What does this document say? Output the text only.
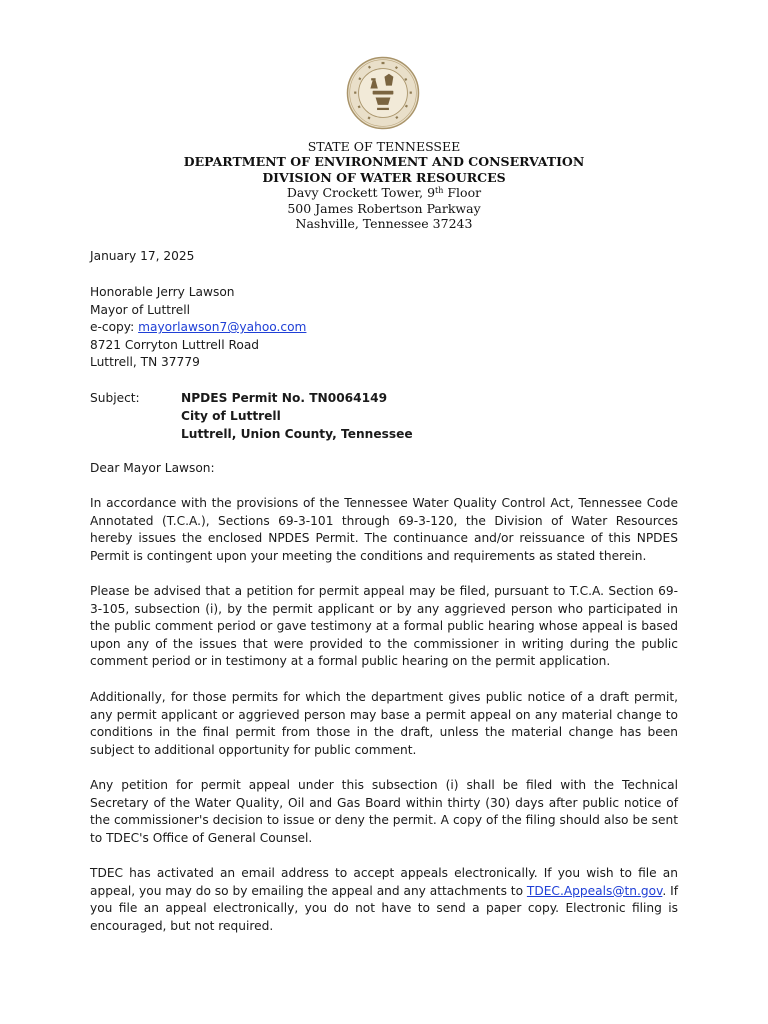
STATE OF TENNESSEE
DEPARTMENT OF ENVIRONMENT AND CONSERVATION
DIVISION OF WATER RESOURCES
Davy Crockett Tower, 9th Floor
500 James Robertson Parkway
Nashville, Tennessee 37243
January 17, 2025
Honorable Jerry Lawson
Mayor of Luttrell
e-copy: mayorlawson7@yahoo.com
8721 Corryton Luttrell Road
Luttrell, TN 37779
Subject:	NPDES Permit No. TN0064149
City of Luttrell
Luttrell, Union County, Tennessee
Dear Mayor Lawson:
In accordance with the provisions of the Tennessee Water Quality Control Act, Tennessee Code Annotated (T.C.A.), Sections 69-3-101 through 69-3-120, the Division of Water Resources hereby issues the enclosed NPDES Permit. The continuance and/or reissuance of this NPDES Permit is contingent upon your meeting the conditions and requirements as stated therein.
Please be advised that a petition for permit appeal may be filed, pursuant to T.C.A. Section 69-3-105, subsection (i), by the permit applicant or by any aggrieved person who participated in the public comment period or gave testimony at a formal public hearing whose appeal is based upon any of the issues that were provided to the commissioner in writing during the public comment period or in testimony at a formal public hearing on the permit application.
Additionally, for those permits for which the department gives public notice of a draft permit, any permit applicant or aggrieved person may base a permit appeal on any material change to conditions in the final permit from those in the draft, unless the material change has been subject to additional opportunity for public comment.
Any petition for permit appeal under this subsection (i) shall be filed with the Technical Secretary of the Water Quality, Oil and Gas Board within thirty (30) days after public notice of the commissioner's decision to issue or deny the permit. A copy of the filing should also be sent to TDEC's Office of General Counsel.
TDEC has activated an email address to accept appeals electronically. If you wish to file an appeal, you may do so by emailing the appeal and any attachments to TDEC.Appeals@tn.gov. If you file an appeal electronically, you do not have to send a paper copy. Electronic filing is encouraged, but not required.
